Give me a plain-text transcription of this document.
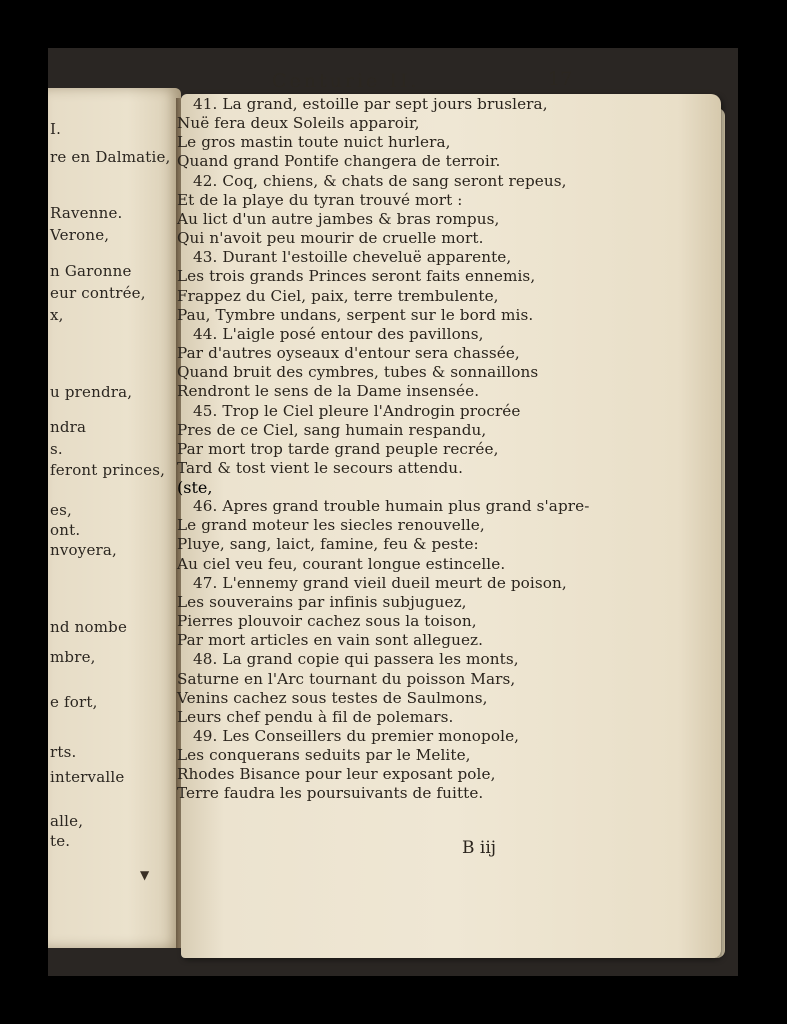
I.
re en Dalmatie,
Ravenne.
Verone,
n Garonne
eur contrée,
x,
u prendra,
ndra
s.
feront princes,
es,
ont.
nvoyera,
nd nombe
mbre,
e fort,
rts.
intervalle
alle,
te.
Centurie II.	17
41. La grand, estoille par sept jours bruslera,
Nuë fera deux Soleils apparoir,
Le gros mastin toute nuict hurlera,
Quand grand Pontife changera de terroir.
42. Coq, chiens, & chats de sang seront repeus,
Et de la playe du tyran trouvé mort :
Au lict d'un autre jambes & bras rompus,
Qui n'avoit peu mourir de cruelle mort.
43. Durant l'estoille cheveluë apparente,
Les trois grands Princes seront faits ennemis,
Frappez du Ciel, paix, terre trembulente,
Pau, Tymbre undans, serpent sur le bord mis.
44. L'aigle posé entour des pavillons,
Par d'autres oyseaux d'entour sera chassée,
Quand bruit des cymbres, tubes & sonnaillons
Rendront le sens de la Dame insensée.
45. Trop le Ciel pleure l'Androgin procrée
Pres de ce Ciel, sang humain respandu,
Par mort trop tarde grand peuple recrée,
Tard & tost vient le secours attendu.
(ste,
46. Apres grand trouble humain plus grand s'apre-
Le grand moteur les siecles renouvelle,
Pluye, sang, laict, famine, feu & peste:
Au ciel veu feu, courant longue estincelle.
47. L'ennemy grand vieil dueil meurt de poison,
Les souverains par infinis subjuguez,
Pierres plouvoir cachez sous la toison,
Par mort articles en vain sont alleguez.
48. La grand copie qui passera les monts,
Saturne en l'Arc tournant du poisson Mars,
Venins cachez sous testes de Saulmons,
Leurs chef pendu à fil de polemars.
49. Les Conseillers du premier monopole,
Les conquerans seduits par le Melite,
Rhodes Bisance pour leur exposant pole,
Terre faudra les poursuivants de fuitte.
B iij
▼
